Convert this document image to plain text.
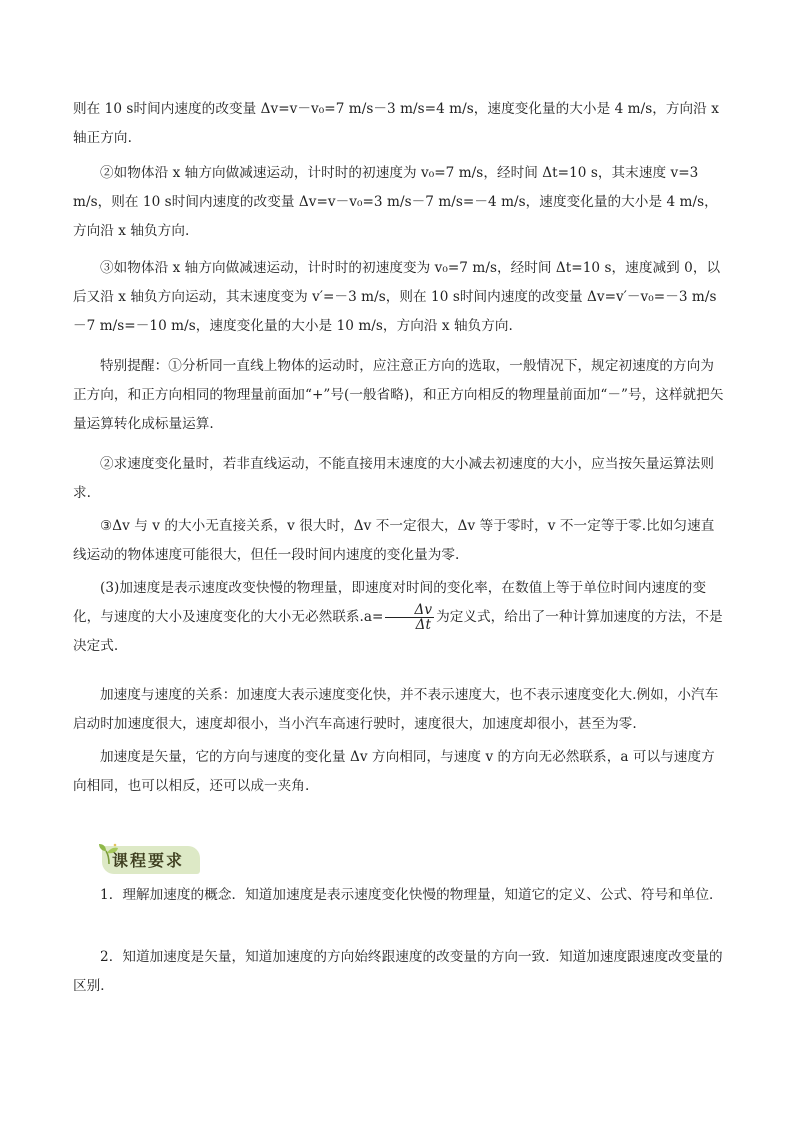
则在 10 s时间内速度的改变量 Δv=v－v₀=7 m/s－3 m/s=4 m/s，速度变化量的大小是 4 m/s，方向沿 x 轴正方向.

②如物体沿 x 轴方向做减速运动，计时时的初速度为 v₀=7 m/s，经时间 Δt=10 s，其末速度 v=3 m/s，则在 10 s时间内速度的改变量 Δv=v－v₀=3 m/s－7 m/s=－4 m/s，速度变化量的大小是 4 m/s，方向沿 x 轴负方向.

③如物体沿 x 轴方向做减速运动，计时时的初速度变为 v₀=7 m/s，经时间 Δt=10 s，速度减到 0，以后又沿 x 轴负方向运动，其末速度变为 v′=－3 m/s，则在 10 s时间内速度的改变量 Δv=v′－v₀=－3 m/s－7 m/s=－10 m/s，速度变化量的大小是 10 m/s，方向沿 x 轴负方向.

特别提醒：①分析同一直线上物体的运动时，应注意正方向的选取，一般情况下，规定初速度的方向为正方向，和正方向相同的物理量前面加“+”号(一般省略)，和正方向相反的物理量前面加“－”号，这样就把矢量运算转化成标量运算.

②求速度变化量时，若非直线运动，不能直接用末速度的大小减去初速度的大小，应当按矢量运算法则求.

③Δv 与 v 的大小无直接关系，v 很大时，Δv 不一定很大，Δv 等于零时，v 不一定等于零.比如匀速直线运动的物体速度可能很大，但任一段时间内速度的变化量为零.

(3)加速度是表示速度改变快慢的物理量，即速度对时间的变化率，在数值上等于单位时间内速度的变化，与速度的大小及速度变化的大小无必然联系$.a= \frac{\Delta v}{\Delta t}$ 为定义式，给出了一种计算加速度的方法，不是决定式.

加速度与速度的关系：加速度大表示速度变化快，并不表示速度大，也不表示速度变化大.例如，小汽车启动时加速度很大，速度却很小，当小汽车高速行驶时，速度很大，加速度却很小，甚至为零.

加速度是矢量，它的方向与速度的变化量 Δv 方向相同，与速度 v 的方向无必然联系，a 可以与速度方向相同，也可以相反，还可以成一夹角.

课程要求

1．理解加速度的概念．知道加速度是表示速度变化快慢的物理量，知道它的定义、公式、符号和单位．

2．知道加速度是矢量，知道加速度的方向始终跟速度的改变量的方向一致．知道加速度跟速度改变量的区别．
